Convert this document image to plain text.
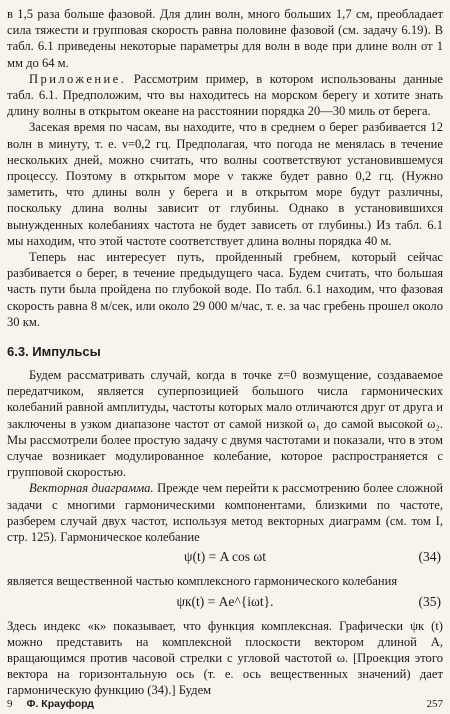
в 1,5 раза больше фазовой. Для длин волн, много больших 1,7 см, преобладает сила тяжести и групповая скорость равна половине фазовой (см. задачу 6.19). В табл. 6.1 приведены некоторые параметры для волн в воде при длине волн от 1 мм до 64 м.

Приложение. Рассмотрим пример, в котором использованы данные табл. 6.1. Предположим, что вы находитесь на морском берегу и хотите знать длину волны в открытом океане на расстоянии порядка 20—30 миль от берега.

Засекая время по часам, вы находите, что в среднем о берег разбивается 12 волн в минуту, т. е. ν=0,2 гц. Предполагая, что погода не менялась в течение нескольких дней, можно считать, что волны соответствуют установившемуся процессу. Поэтому в открытом море ν также будет равно 0,2 гц. (Нужно заметить, что длины волн у берега и в открытом море будут различны, поскольку длина волны зависит от глубины. Однако в установившихся вынужденных колебаниях частота не будет зависеть от глубины.) Из табл. 6.1 мы находим, что этой частоте соответствует длина волны порядка 40 м.

Теперь нас интересует путь, пройденный гребнем, который сейчас разбивается о берег, в течение предыдущего часа. Будем считать, что большая часть пути была пройдена по глубокой воде. По табл. 6.1 находим, что фазовая скорость равна 8 м/сек, или около 29 000 м/час, т. е. за час гребень прошел около 30 км.

6.3. Импульсы

Будем рассматривать случай, когда в точке z=0 возмущение, создаваемое передатчиком, является суперпозицией большого числа гармонических колебаний равной амплитуды, частоты которых мало отличаются друг от друга и заключены в узком диапазоне частот от самой низкой ω₁ до самой высокой ω₂. Мы рассмотрели более простую задачу с двумя частотами и показали, что в этом случае возникает модулированное колебание, которое распространяется с групповой скоростью.

Векторная диаграмма. Прежде чем перейти к рассмотрению более сложной задачи с многими гармоническими компонентами, близкими по частоте, разберем случай двух частот, используя метод векторных диаграмм (см. том I, стр. 125). Гармоническое колебание

ψ(t) = A cos ωt	(34)

является вещественной частью комплексного гармонического колебания

ψк(t) = Ae^{iωt}.	(35)

Здесь индекс «к» показывает, что функция комплексная. Графически ψк (t) можно представить на комплексной плоскости вектором длиной A, вращающимся против часовой стрелки с угловой частотой ω. [Проекция этого вектора на горизонтальную ось (т. е. ось вещественных значений) дает гармоническую функцию (34).] Будем

9 Ф. Крауфорд	257
